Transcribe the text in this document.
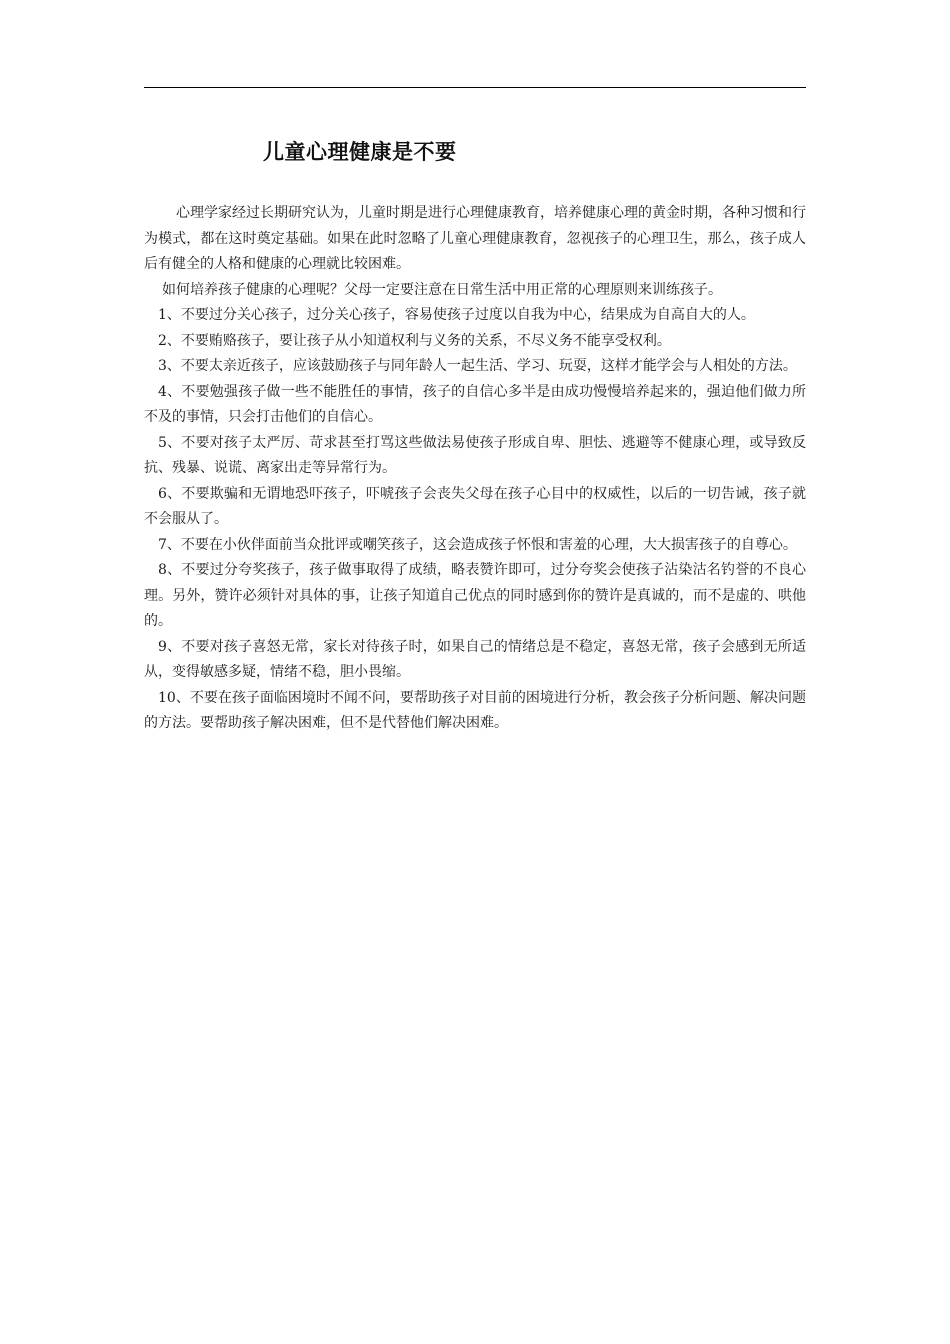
儿童心理健康是不要

心理学家经过长期研究认为，儿童时期是进行心理健康教育，培养健康心理的黄金时期，各种习惯和行为模式，都在这时奠定基础。如果在此时忽略了儿童心理健康教育，忽视孩子的心理卫生，那么，孩子成人后有健全的人格和健康的心理就比较困难。

如何培养孩子健康的心理呢？父母一定要注意在日常生活中用正常的心理原则来训练孩子。

1、不要过分关心孩子，过分关心孩子，容易使孩子过度以自我为中心，结果成为自高自大的人。

2、不要贿赂孩子，要让孩子从小知道权利与义务的关系，不尽义务不能享受权利。

3、不要太亲近孩子，应该鼓励孩子与同年龄人一起生活、学习、玩耍，这样才能学会与人相处的方法。

4、不要勉强孩子做一些不能胜任的事情，孩子的自信心多半是由成功慢慢培养起来的，强迫他们做力所不及的事情，只会打击他们的自信心。

5、不要对孩子太严厉、苛求甚至打骂这些做法易使孩子形成自卑、胆怯、逃避等不健康心理，或导致反抗、残暴、说谎、离家出走等异常行为。

6、不要欺骗和无谓地恐吓孩子，吓唬孩子会丧失父母在孩子心目中的权威性，以后的一切告诫，孩子就不会服从了。

7、不要在小伙伴面前当众批评或嘲笑孩子，这会造成孩子怀恨和害羞的心理，大大损害孩子的自尊心。

8、不要过分夸奖孩子，孩子做事取得了成绩，略表赞许即可，过分夸奖会使孩子沾染沽名钓誉的不良心理。另外，赞许必须针对具体的事，让孩子知道自己优点的同时感到你的赞许是真诚的，而不是虚的、哄他的。

9、不要对孩子喜怒无常，家长对待孩子时，如果自己的情绪总是不稳定，喜怒无常，孩子会感到无所适从，变得敏感多疑，情绪不稳，胆小畏缩。

10、不要在孩子面临困境时不闻不问，要帮助孩子对目前的困境进行分析，教会孩子分析问题、解决问题的方法。要帮助孩子解决困难，但不是代替他们解决困难。
